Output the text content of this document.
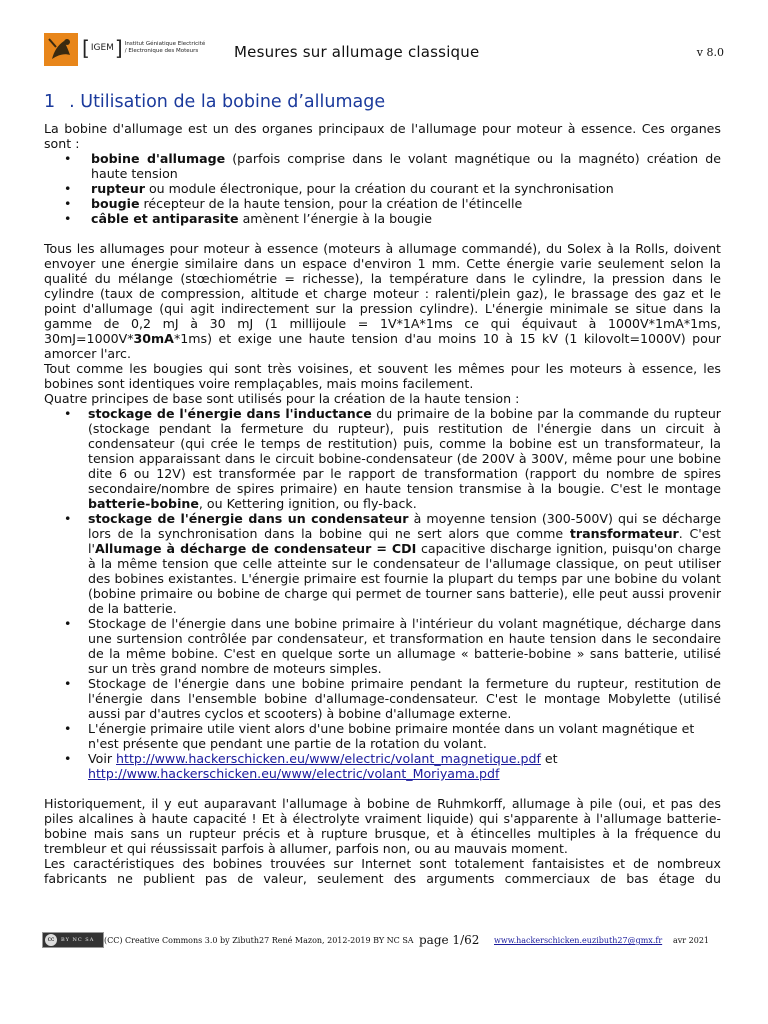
[ IGEM ] Institut Géniatique Electricité
/ Electronique des Moteurs	Mesures sur allumage classique	v 8.0
1 . Utilisation de la bobine d’allumage

La bobine d'allumage est un des organes principaux de l'allumage pour moteur à essence. Ces organes sont :

• bobine d'allumage (parfois comprise dans le volant magnétique ou la magnéto) création de haute tension
• rupteur ou module électronique, pour la création du courant et la synchronisation
• bougie récepteur de la haute tension, pour la création de l'étincelle
• câble et antiparasite amènent l’énergie à la bougie

Tous les allumages pour moteur à essence (moteurs à allumage commandé), du Solex à la Rolls, doivent envoyer une énergie similaire dans un espace d'environ 1 mm. Cette énergie varie seulement selon la qualité du mélange (stœchiométrie = richesse), la température dans le cylindre, la pression dans le cylindre (taux de compression, altitude et charge moteur : ralenti/plein gaz), le brassage des gaz et le point d'allumage (qui agit indirectement sur la pression cylindre). L'énergie minimale se situe dans la gamme de 0,2 mJ à 30 mJ (1 millijoule = 1V*1A*1ms ce qui équivaut à 1000V*1mA*1ms, 30mJ=1000V*30mA*1ms) et exige une haute tension d'au moins 10 à 15 kV (1 kilovolt=1000V) pour amorcer l'arc.

Tout comme les bougies qui sont très voisines, et souvent les mêmes pour les moteurs à essence, les bobines sont identiques voire remplaçables, mais moins facilement.

Quatre principes de base sont utilisés pour la création de la haute tension :

• stockage de l'énergie dans l'inductance du primaire de la bobine par la commande du rupteur (stockage pendant la fermeture du rupteur), puis restitution de l'énergie dans un circuit à condensateur (qui crée le temps de restitution) puis, comme la bobine est un transformateur, la tension apparaissant dans le circuit bobine-condensateur (de 200V à 300V, même pour une bobine dite 6 ou 12V) est transformée par le rapport de transformation (rapport du nombre de spires secondaire/nombre de spires primaire) en haute tension transmise à la bougie. C'est le montage batterie-bobine, ou Kettering ignition, ou fly-back.
• stockage de l'énergie dans un condensateur à moyenne tension (300-500V) qui se décharge lors de la synchronisation dans la bobine qui ne sert alors que comme transformateur. C'est l'Allumage à décharge de condensateur = CDI capacitive discharge ignition, puisqu'on charge à la même tension que celle atteinte sur le condensateur de l'allumage classique, on peut utiliser des bobines existantes. L'énergie primaire est fournie la plupart du temps par une bobine du volant (bobine primaire ou bobine de charge qui permet de tourner sans batterie), elle peut aussi provenir de la batterie.
• Stockage de l'énergie dans une bobine primaire à l'intérieur du volant magnétique, décharge dans une surtension contrôlée par condensateur, et transformation en haute tension dans le secondaire de la même bobine. C'est en quelque sorte un allumage « batterie-bobine » sans batterie, utilisé sur un très grand nombre de moteurs simples.
• Stockage de l'énergie dans une bobine primaire pendant la fermeture du rupteur, restitution de l'énergie dans l'ensemble bobine d'allumage-condensateur. C'est le montage Mobylette (utilisé aussi par d'autres cyclos et scooters) à bobine d'allumage externe.
• L'énergie primaire utile vient alors d'une bobine primaire montée dans un volant magnétique et n'est présente que pendant une partie de la rotation du volant.
• Voir http://www.hackerschicken.eu/www/electric/volant_magnetique.pdf et
http://www.hackerschicken.eu/www/electric/volant_Moriyama.pdf

Historiquement, il y eut auparavant l'allumage à bobine de Ruhmkorff, allumage à pile (oui, et pas des piles alcalines à haute capacité ! Et à électrolyte vraiment liquide) qui s'apparente à l'allumage batterie-bobine mais sans un rupteur précis et à rupture brusque, et à étincelles multiples à la fréquence du trembleur et qui réussissait parfois à allumer, parfois non, ou au mauvais moment.

Les caractéristiques des bobines trouvées sur Internet sont totalement fantaisistes et de nombreux fabricants ne publient pas de valeur, seulement des arguments commerciaux de bas étage du

cc	BY NC SA (CC) Creative Commons 3.0 by Zibuth27 René Mazon, 2012-2019 BY NC SA page 1/62 www.hackerschicken.eu zibuth27@gmx.fr avr 2021
